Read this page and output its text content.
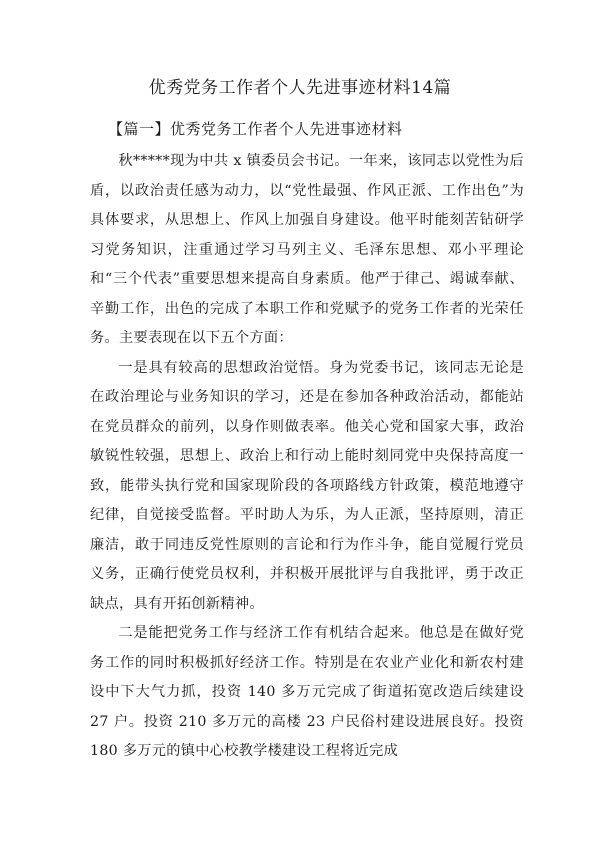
优秀党务工作者个人先进事迹材料14篇
【篇一】优秀党务工作者个人先进事迹材料

秋*****现为中共 x 镇委员会书记。一年来，该同志以党性为后盾，以政治责任感为动力，以“党性最强、作风正派、工作出色”为具体要求，从思想上、作风上加强自身建设。他平时能刻苦钻研学习党务知识，注重通过学习马列主义、毛泽东思想、邓小平理论和“三个代表”重要思想来提高自身素质。他严于律己、竭诚奉献、辛勤工作，出色的完成了本职工作和党赋予的党务工作者的光荣任务。主要表现在以下五个方面：

一是具有较高的思想政治觉悟。身为党委书记，该同志无论是在政治理论与业务知识的学习，还是在参加各种政治活动，都能站在党员群众的前列，以身作则做表率。他关心党和国家大事，政治敏锐性较强，思想上、政治上和行动上能时刻同党中央保持高度一致，能带头执行党和国家现阶段的各项路线方针政策，模范地遵守纪律，自觉接受监督。平时助人为乐，为人正派，坚持原则，清正廉洁，敢于同违反党性原则的言论和行为作斗争，能自觉履行党员义务，正确行使党员权利，并积极开展批评与自我批评，勇于改正缺点，具有开拓创新精神。

二是能把党务工作与经济工作有机结合起来。他总是在做好党务工作的同时积极抓好经济工作。特别是在农业产业化和新农村建设中下大气力抓，投资 140 多万元完成了街道拓宽改造后续建设 27 户。投资 210 多万元的高楼 23 户民俗村建设进展良好。投资 180 多万元的镇中心校教学楼建设工程将近完成
